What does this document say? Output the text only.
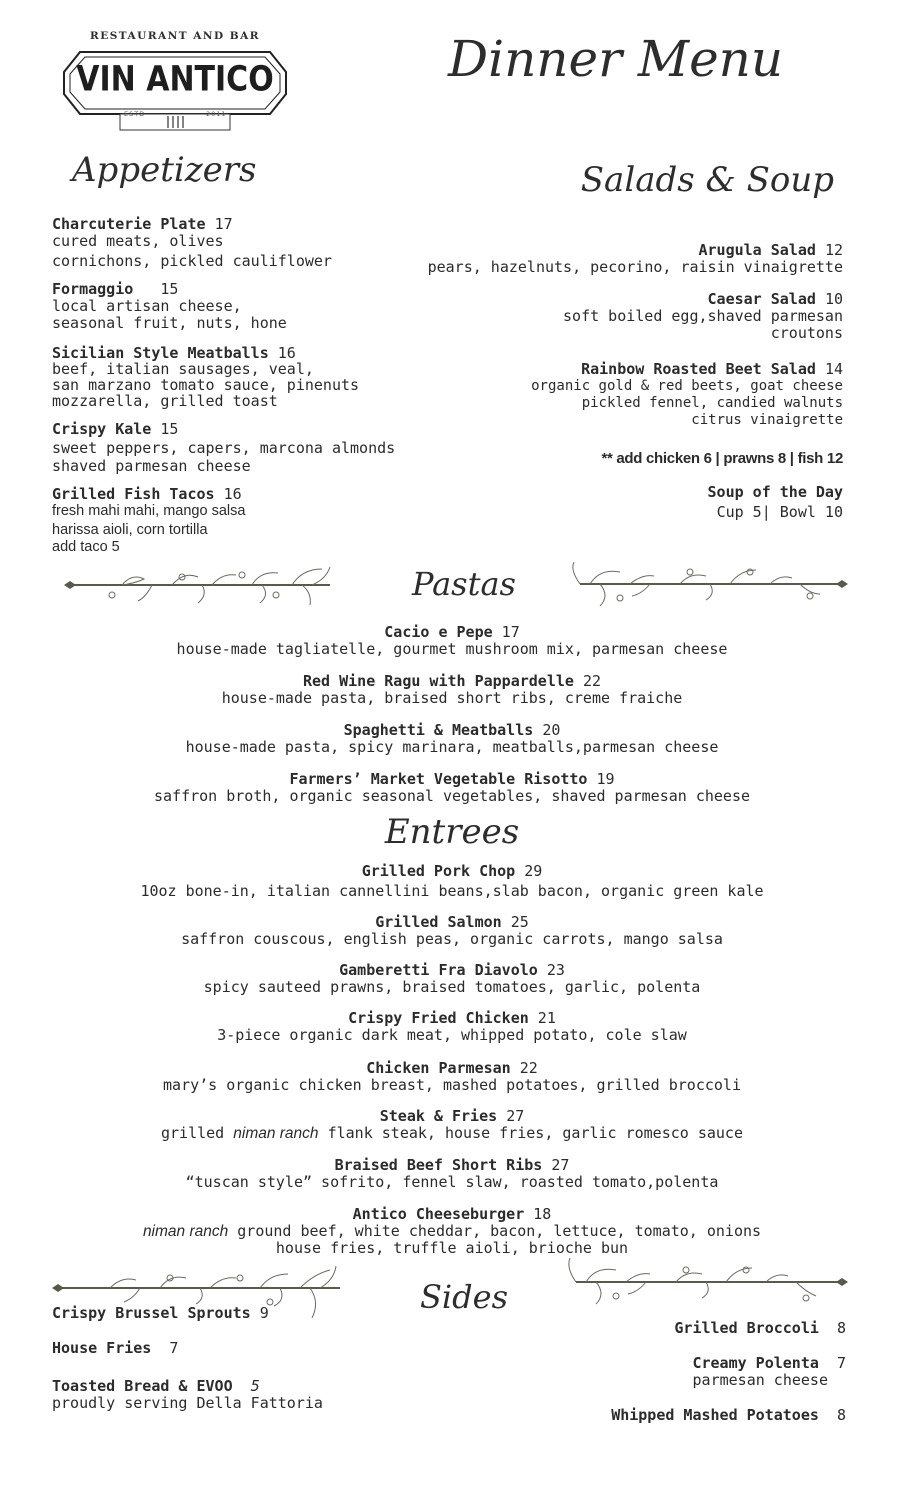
RESTAURANT AND BAR
VIN ANTICO
ESTD	2011
Dinner Menu
Appetizers
Charcuterie Plate 17
cured meats, olives
cornichons, pickled cauliflower
Formaggio 15
local artisan cheese,
seasonal fruit, nuts, hone
Sicilian Style Meatballs 16
beef, italian sausages, veal,
san marzano tomato sauce, pinenuts
mozzarella, grilled toast
Crispy Kale 15
sweet peppers, capers, marcona almonds
shaved parmesan cheese
Grilled Fish Tacos 16
fresh mahi mahi, mango salsa
harissa aioli, corn tortilla
add taco 5
Salads & Soup
Arugula Salad 12
pears, hazelnuts, pecorino, raisin vinaigrette
Caesar Salad 10
soft boiled egg,shaved parmesan
croutons
Rainbow Roasted Beet Salad 14
organic gold & red beets, goat cheese
pickled fennel, candied walnuts
citrus vinaigrette
** add chicken 6 | prawns 8 | fish 12
Soup of the Day
Cup 5| Bowl 10
Pastas
Cacio e Pepe 17
house-made tagliatelle, gourmet mushroom mix, parmesan cheese
Red Wine Ragu with Pappardelle 22
house-made pasta, braised short ribs, creme fraiche
Spaghetti & Meatballs 20
house-made pasta, spicy marinara, meatballs,parmesan cheese
Farmers’ Market Vegetable Risotto 19
saffron broth, organic seasonal vegetables, shaved parmesan cheese
Entrees
Grilled Pork Chop 29
10oz bone-in, italian cannellini beans,slab bacon, organic green kale
Grilled Salmon 25
saffron couscous, english peas, organic carrots, mango salsa
Gamberetti Fra Diavolo 23
spicy sauteed prawns, braised tomatoes, garlic, polenta
Crispy Fried Chicken 21
3-piece organic dark meat, whipped potato, cole slaw
Chicken Parmesan 22
mary’s organic chicken breast, mashed potatoes, grilled broccoli
Steak & Fries 27
grilled niman ranch flank steak, house fries, garlic romesco sauce
Braised Beef Short Ribs 27
“tuscan style” sofrito, fennel slaw, roasted tomato,polenta
Antico Cheeseburger 18
niman ranch ground beef, white cheddar, bacon, lettuce, tomato, onions
house fries, truffle aioli, brioche bun
Sides
Crispy Brussel Sprouts 9
House Fries 7
Toasted Bread & EVOO 5
proudly serving Della Fattoria
Grilled Broccoli 8
Creamy Polenta 7
parmesan cheese
Whipped Mashed Potatoes 8
